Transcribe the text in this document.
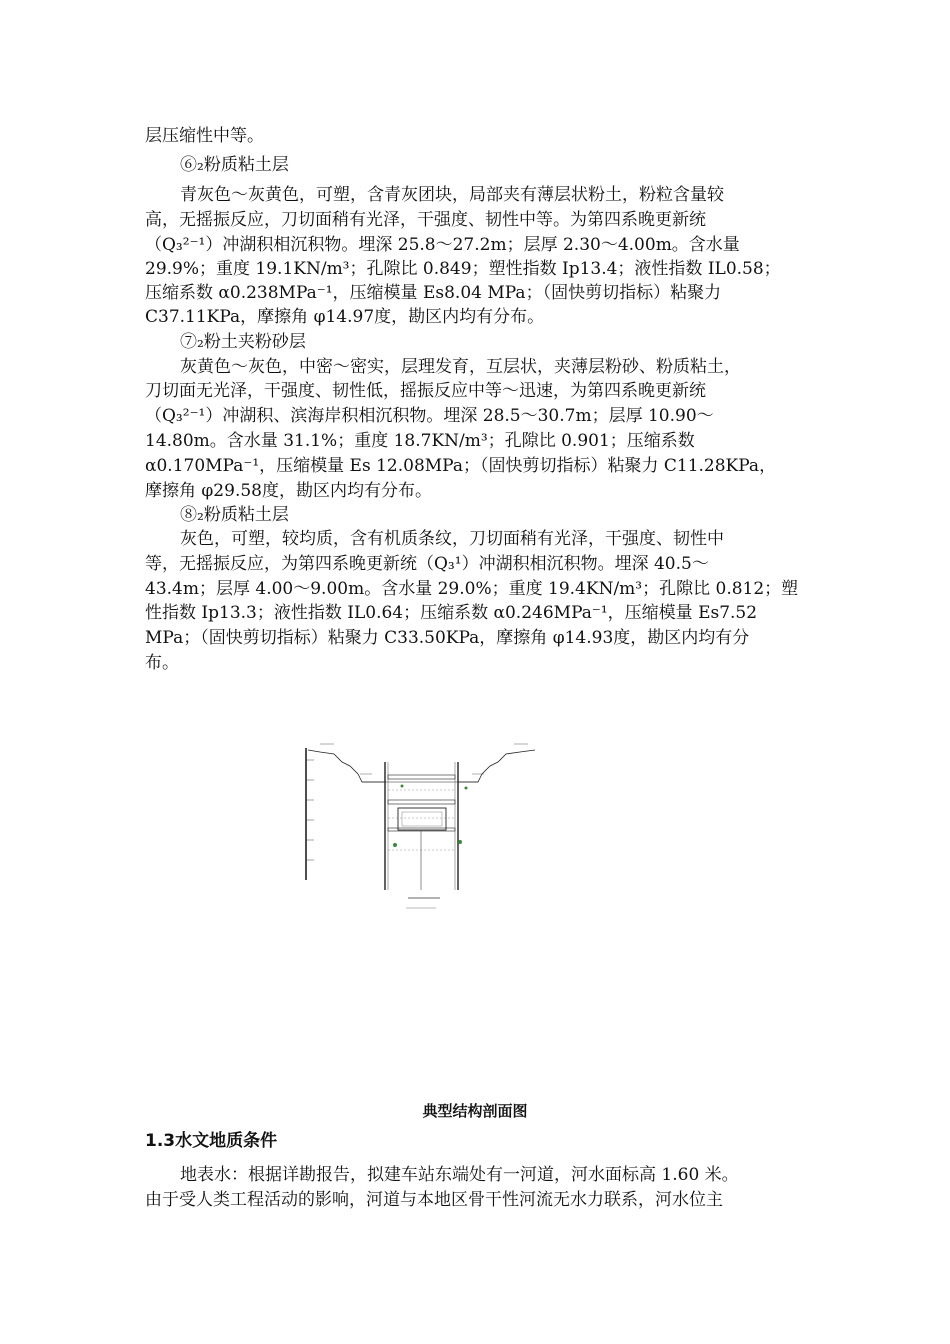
层压缩性中等。
⑥₂粉质粘土层
青灰色～灰黄色，可塑，含青灰团块，局部夹有薄层状粉土，粉粒含量较
高，无摇振反应，刀切面稍有光泽，干强度、韧性中等。为第四系晚更新统
（Q₃²⁻¹）冲湖积相沉积物。埋深 25.8～27.2m；层厚 2.30～4.00m。含水量
29.9%；重度 19.1KN/m³；孔隙比 0.849；塑性指数 Ip13.4；液性指数 IL0.58；
压缩系数 α0.238MPa⁻¹，压缩模量 Es8.04 MPa；（固快剪切指标）粘聚力
C37.11KPa，摩擦角 φ14.97度，勘区内均有分布。
⑦₂粉土夹粉砂层
灰黄色～灰色，中密～密实，层理发育，互层状，夹薄层粉砂、粉质粘土，
刀切面无光泽，干强度、韧性低，摇振反应中等～迅速，为第四系晚更新统
（Q₃²⁻¹）冲湖积、滨海岸积相沉积物。埋深 28.5～30.7m；层厚 10.90～
14.80m。含水量 31.1%；重度 18.7KN/m³；孔隙比 0.901；压缩系数
α0.170MPa⁻¹，压缩模量 Es 12.08MPa；（固快剪切指标）粘聚力 C11.28KPa，
摩擦角 φ29.58度，勘区内均有分布。
⑧₂粉质粘土层
灰色，可塑，较均质，含有机质条纹，刀切面稍有光泽，干强度、韧性中
等，无摇振反应，为第四系晚更新统（Q₃¹）冲湖积相沉积物。埋深 40.5～
43.4m；层厚 4.00～9.00m。含水量 29.0%；重度 19.4KN/m³；孔隙比 0.812；塑
性指数 Ip13.3；液性指数 IL0.64；压缩系数 α0.246MPa⁻¹，压缩模量 Es7.52
MPa；（固快剪切指标）粘聚力 C33.50KPa，摩擦角 φ14.93度，勘区内均有分
布。
典型结构剖面图
1.3水文地质条件
地表水：根据详勘报告，拟建车站东端处有一河道，河水面标高 1.60 米。
由于受人类工程活动的影响，河道与本地区骨干性河流无水力联系，河水位主
